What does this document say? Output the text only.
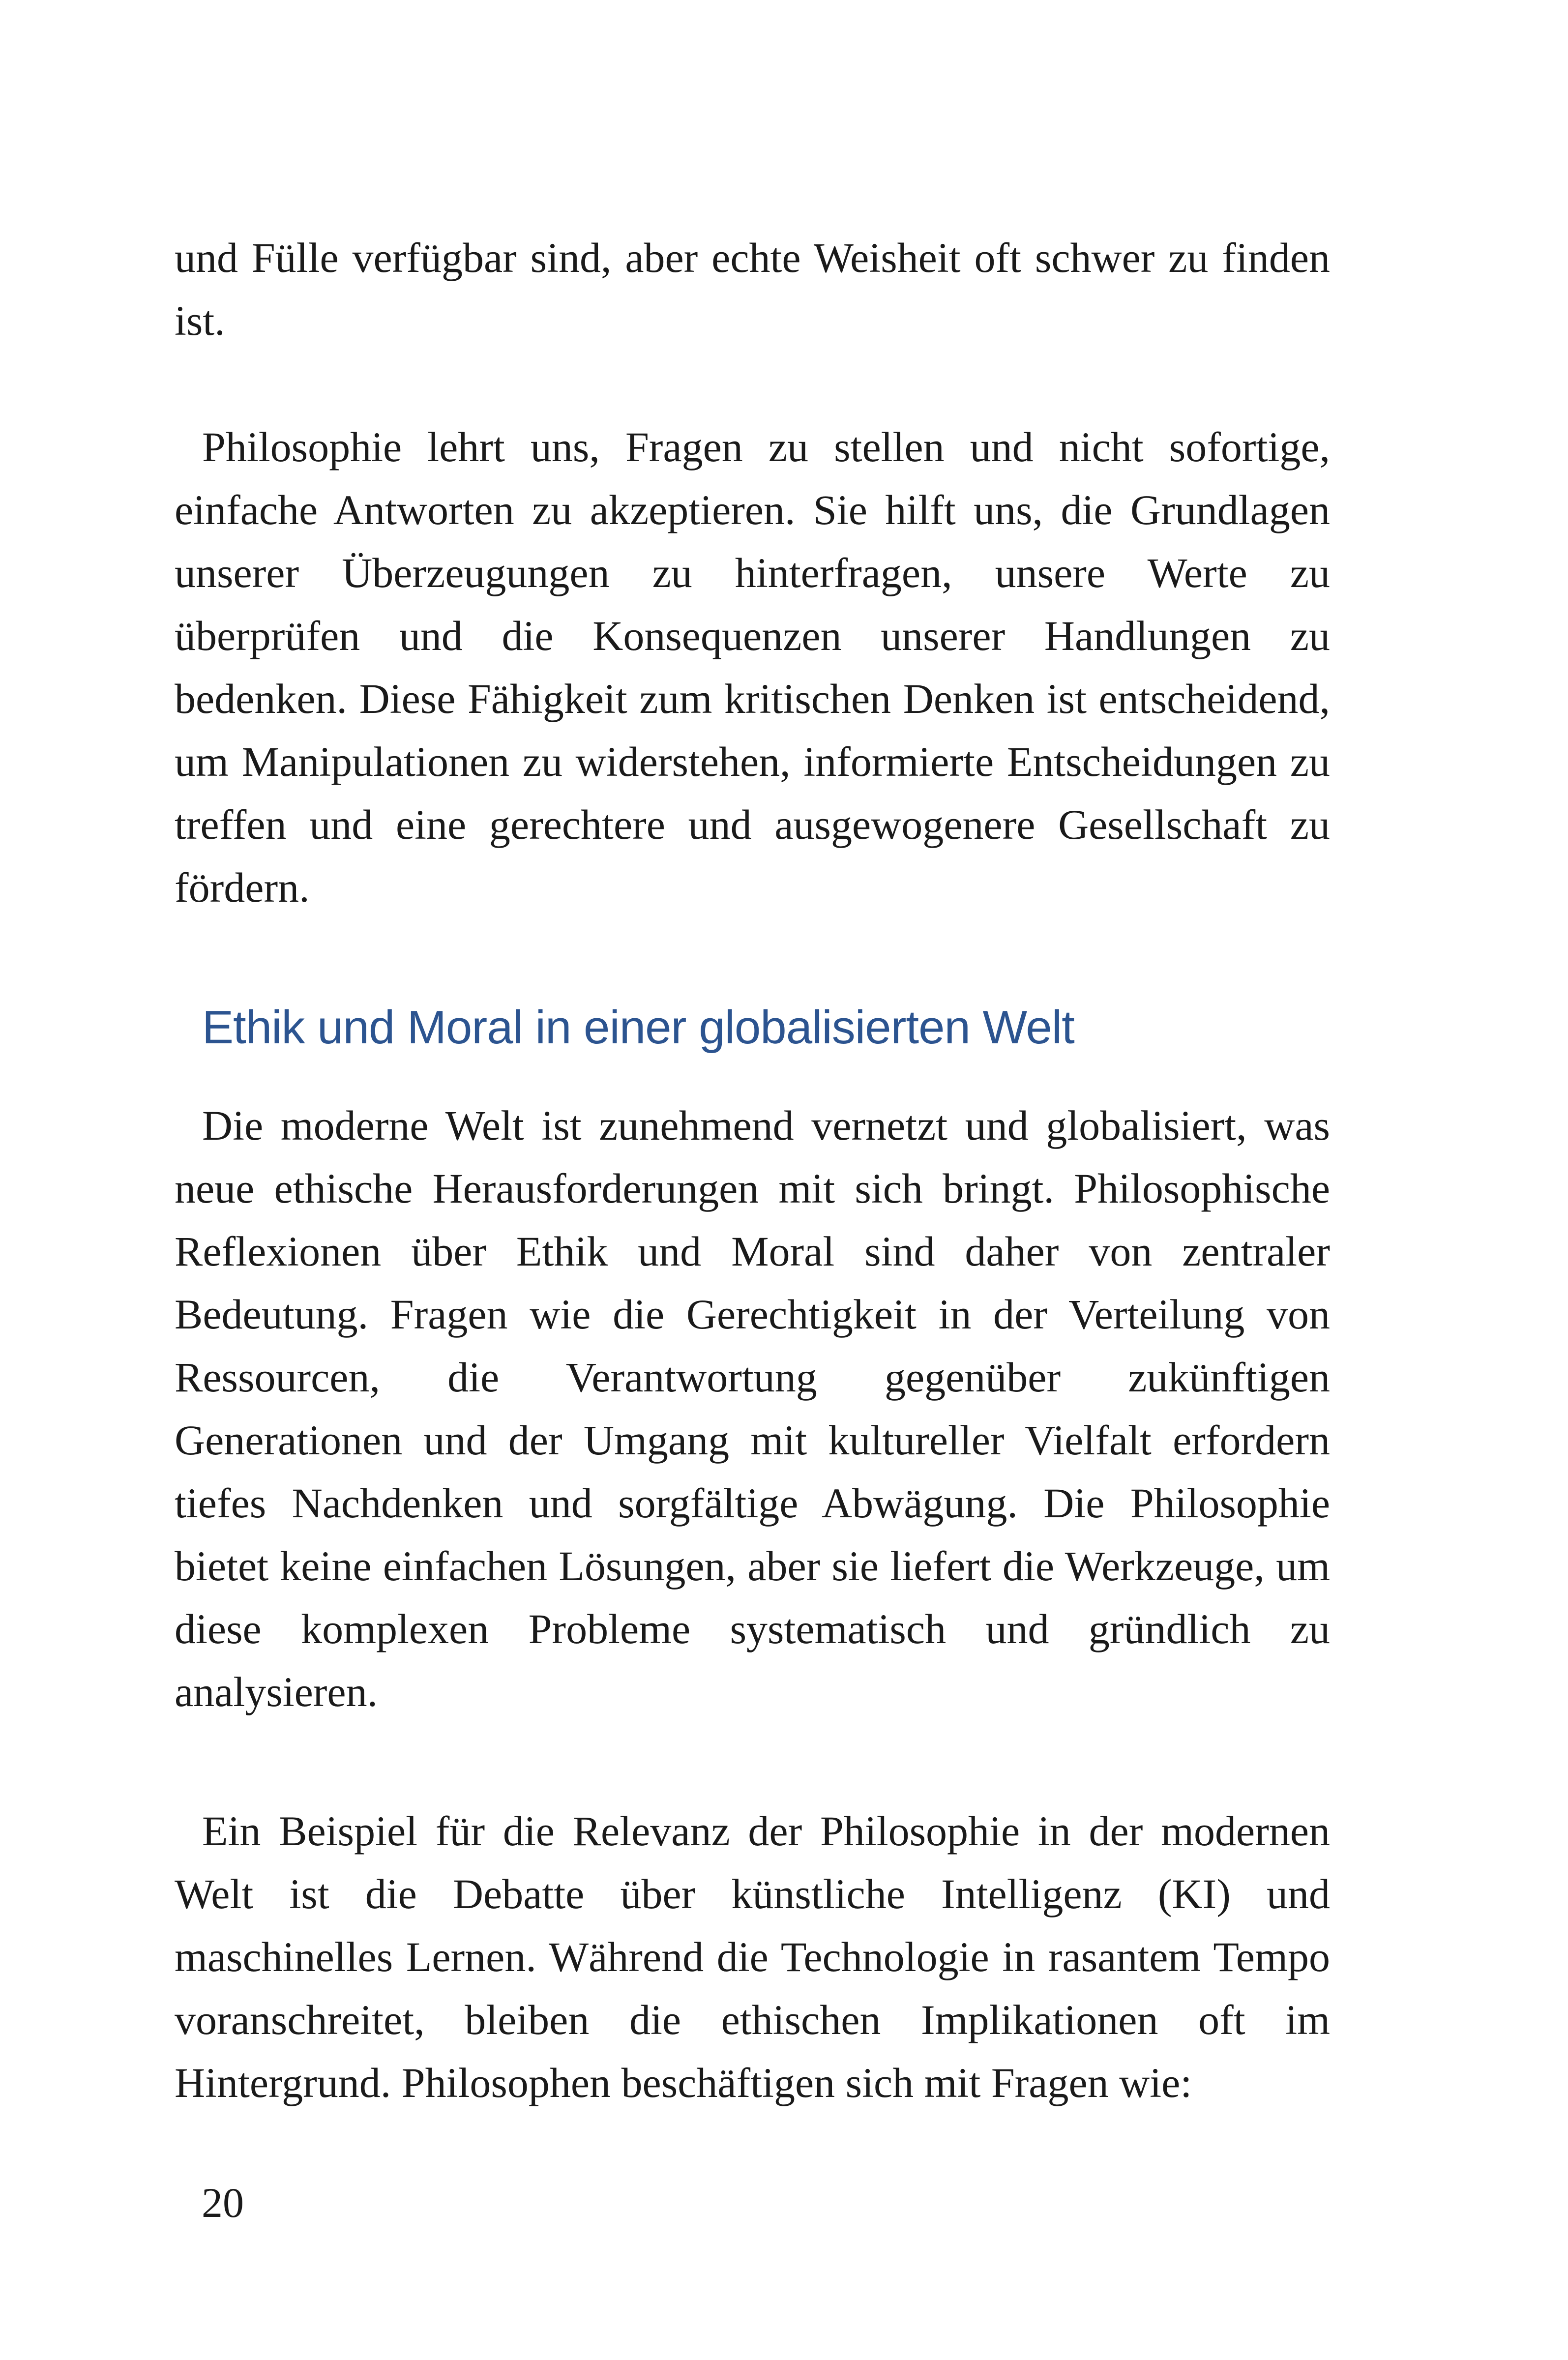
und Fülle verfügbar sind, aber echte Weisheit oft schwer zu finden ist.

Philosophie lehrt uns, Fragen zu stellen und nicht sofortige, einfache Antworten zu akzeptieren. Sie hilft uns, die Grundlagen unserer Überzeugungen zu hinterfragen, unsere Werte zu überprüfen und die Konsequenzen unserer Handlungen zu bedenken. Diese Fähigkeit zum kritischen Denken ist entscheidend, um Manipulationen zu widerstehen, informierte Entscheidungen zu treffen und eine gerechtere und ausgewogenere Gesellschaft zu fördern.

Ethik und Moral in einer globalisierten Welt

Die moderne Welt ist zunehmend vernetzt und globalisiert, was neue ethische Herausforderungen mit sich bringt. Philosophische Reflexionen über Ethik und Moral sind daher von zentraler Bedeutung. Fragen wie die Gerechtigkeit in der Verteilung von Ressourcen, die Verantwortung gegenüber zukünftigen Generationen und der Umgang mit kultureller Vielfalt erfordern tiefes Nachdenken und sorgfältige Abwägung. Die Philosophie bietet keine einfachen Lösungen, aber sie liefert die Werkzeuge, um diese komplexen Probleme systematisch und gründlich zu analysieren.

Ein Beispiel für die Relevanz der Philosophie in der modernen Welt ist die Debatte über künstliche Intelligenz (KI) und maschinelles Lernen. Während die Technologie in rasantem Tempo voranschreitet, bleiben die ethischen Implikationen oft im Hintergrund. Philosophen beschäftigen sich mit Fragen wie:

20
